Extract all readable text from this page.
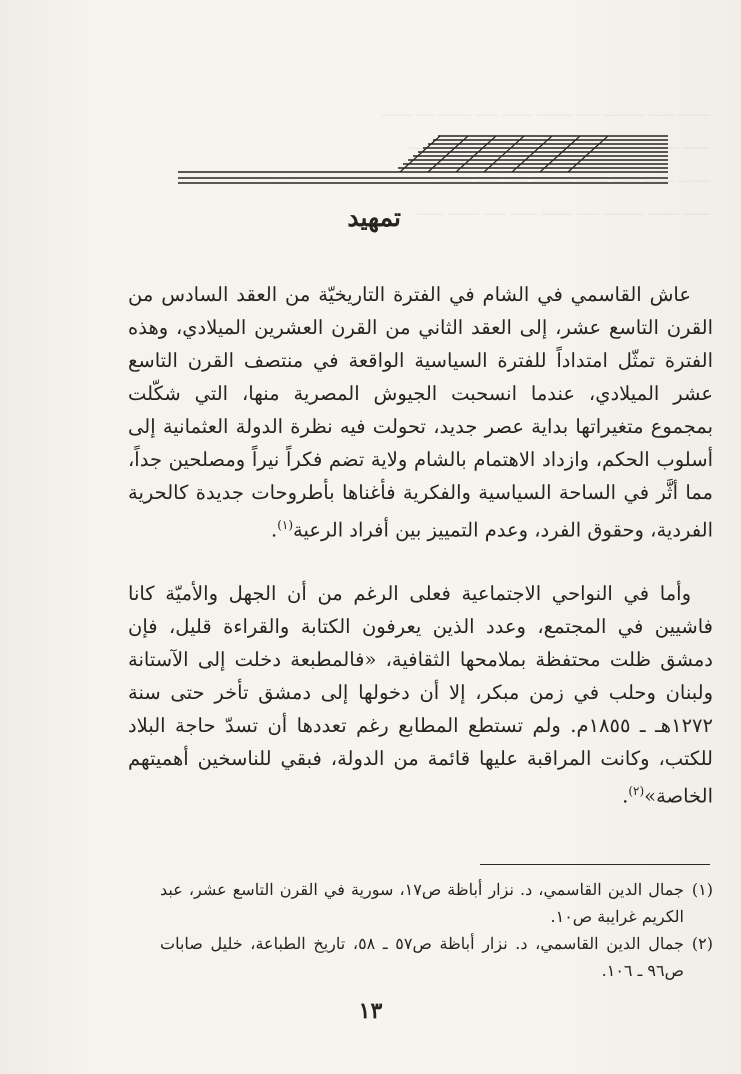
ـــــــ ــــــ ـــــــــ ـــــ ــــــــ ـــــــ ـــــ ـــــــ ــــ ـــــــ
ــــــ ـــــــــ ـــــ ــــــ ـــــــــ ـــــ ــــــــ ـــــــ ـــــ
ـــــــ ـــــــ ــــــ ـــــــ ـــــــــ ـــــ ــــــ ـــــــ
ــــــ ـــــــ ـــــــــ ـــــ ـــــــ ــــــ ـــــ ـــــــ ــــــ
تمهيد

عاش القاسمي في الشام في الفترة التاريخيّة من العقد السادس من القرن التاسع عشر، إلى العقد الثاني من القرن العشرين الميلادي، وهذه الفترة تمثّل امتداداً للفترة السياسية الواقعة في منتصف القرن التاسع عشر الميلادي، عندما انسحبت الجيوش المصرية منها، التي شكّلت بمجموع متغيراتها بداية عصر جديد، تحولت فيه نظرة الدولة العثمانية إلى أسلوب الحكم، وازداد الاهتمام بالشام ولاية تضم فكراً نيراً ومصلحين جداً، مما أثَّر في الساحة السياسية والفكرية فأغناها بأطروحات جديدة كالحرية الفردية، وحقوق الفرد، وعدم التمييز بين أفراد الرعية$^{(١)}$.

وأما في النواحي الاجتماعية فعلى الرغم من أن الجهل والأميّة كانا فاشيين في المجتمع، وعدد الذين يعرفون الكتابة والقراءة قليل، فإن دمشق ظلت محتفظة بملامحها الثقافية، «فالمطبعة دخلت إلى الآستانة ولبنان وحلب في زمن مبكر، إلا أن دخولها إلى دمشق تأخر حتى سنة ١٢٧٢هـ ـ ١٨٥٥م. ولم تستطع المطابع رغم تعددها أن تسدّ حاجة البلاد للكتب، وكانت المراقبة عليها قائمة من الدولة، فبقي للناسخين أهميتهم الخاصة»$^{(٢)}$.

(١)
جمال الدين القاسمي، د. نزار أباظة ص١٧، سورية في القرن التاسع عشر، عبد الكريم غرايبة ص١٠.

(٢)
جمال الدين القاسمي، د. نزار أباظة ص٥٧ ـ ٥٨، تاريخ الطباعة، خليل صابات ص٩٦ ـ ١٠٦.

١٣
